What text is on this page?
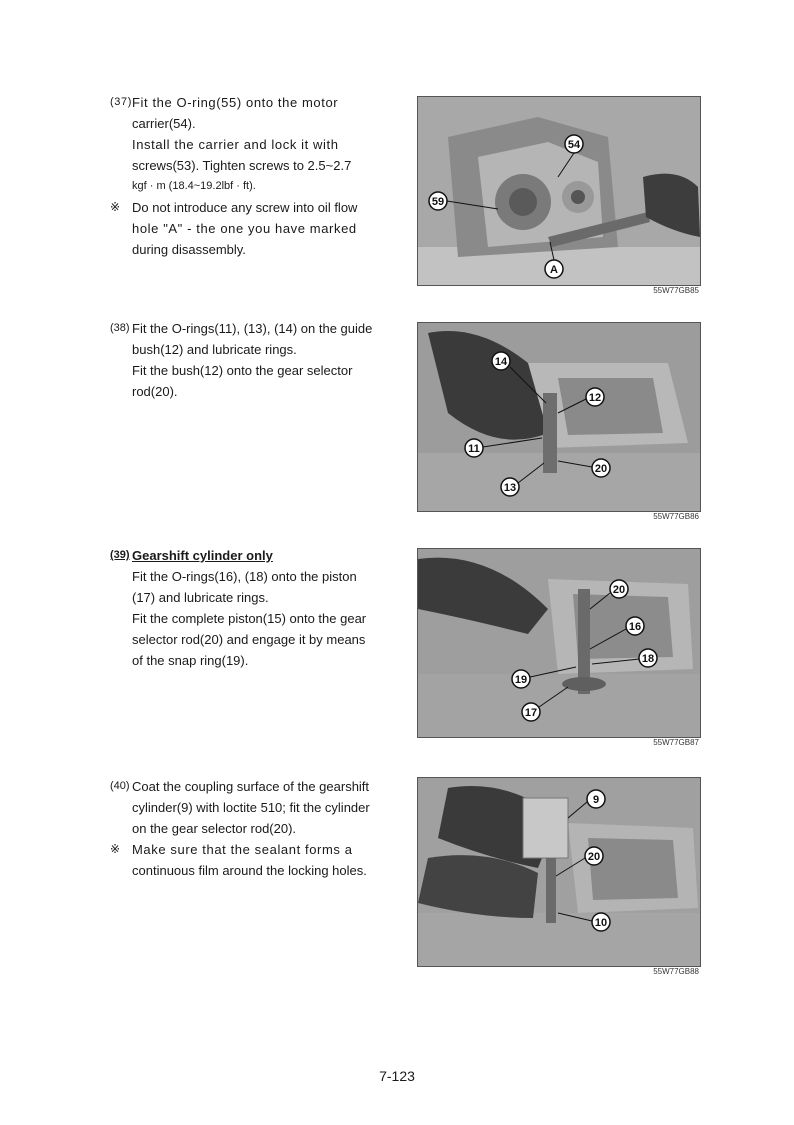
(37) Fit the O-ring(55) onto the motor
carrier(54).
Install the carrier and lock it with
screws(53). Tighten screws to 2.5~2.7
kgf · m (18.4~19.2lbf · ft).
※ Do not introduce any screw into oil flow
hole "A" - the one you have marked
during disassembly.
54
59
A
55W77GB85
(38) Fit the O-rings(11), (13), (14) on the guide
bush(12) and lubricate rings.
Fit the bush(12) onto the gear selector
rod(20).
14
12
11
20
13
55W77GB86
(39) Gearshift cylinder only
Fit the O-rings(16), (18) onto the piston
(17) and lubricate rings.
Fit the complete piston(15) onto the gear
selector rod(20) and engage it by means
of the snap ring(19).
20
16
18
19
17
55W77GB87
(40) Coat the coupling surface of the gearshift
cylinder(9) with loctite 510; fit the cylinder
on the gear selector rod(20).
※ Make sure that the sealant forms a
continuous film around the locking holes.
9
20
10
55W77GB88
7-123
